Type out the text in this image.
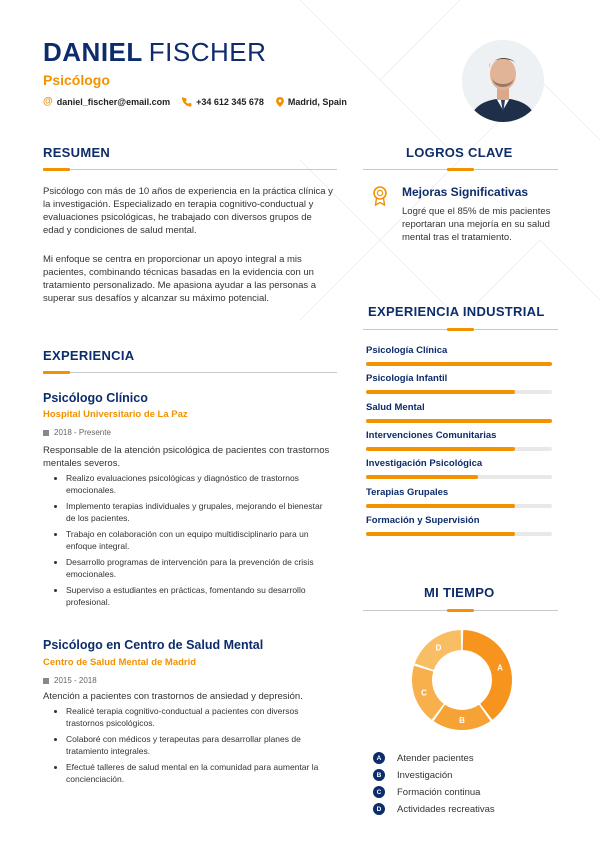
DANIEL FISCHER
Psicólogo
@ daniel_fischer@email.com	+34 612 345 678	Madrid, Spain
RESUMEN
Psicólogo con más de 10 años de experiencia en la práctica clínica y la investigación. Especializado en terapia cognitivo-conductual y evaluaciones psicológicas, he trabajado con diversos grupos de edad y condiciones de salud mental.
Mi enfoque se centra en proporcionar un apoyo integral a mis pacientes, combinando técnicas basadas en la evidencia con un tratamiento personalizado. Me apasiona ayudar a las personas a superar sus desafíos y alcanzar su máximo potencial.
LOGROS CLAVE
Mejoras Significativas
Logré que el 85% de mis pacientes reportaran una mejoría en su salud mental tras el tratamiento.
EXPERIENCIA INDUSTRIAL
Psicología Clínica
Psicología Infantil
Salud Mental
Intervenciones Comunitarias
Investigación Psicológica
Terapias Grupales
Formación y Supervisión
EXPERIENCIA
Psicólogo Clínico
Hospital Universitario de La Paz
2018 - Presente
Responsable de la atención psicológica de pacientes con trastornos mentales severos.
Realizo evaluaciones psicológicas y diagnóstico de trastornos emocionales.
Implemento terapias individuales y grupales, mejorando el bienestar de los pacientes.
Trabajo en colaboración con un equipo multidisciplinario para un enfoque integral.
Desarrollo programas de intervención para la prevención de crisis emocionales.
Superviso a estudiantes en prácticas, fomentando su desarrollo profesional.
Psicólogo en Centro de Salud Mental
Centro de Salud Mental de Madrid
2015 - 2018
Atención a pacientes con trastornos de ansiedad y depresión.
Realicé terapia cognitivo-conductual a pacientes con diversos trastornos psicológicos.
Colaboré con médicos y terapeutas para desarrollar planes de tratamiento integrales.
Efectué talleres de salud mental en la comunidad para aumentar la concienciación.
MI TIEMPO
A
B
C
D
A	Atender pacientes
B	Investigación
C	Formación continua
D	Actividades recreativas
